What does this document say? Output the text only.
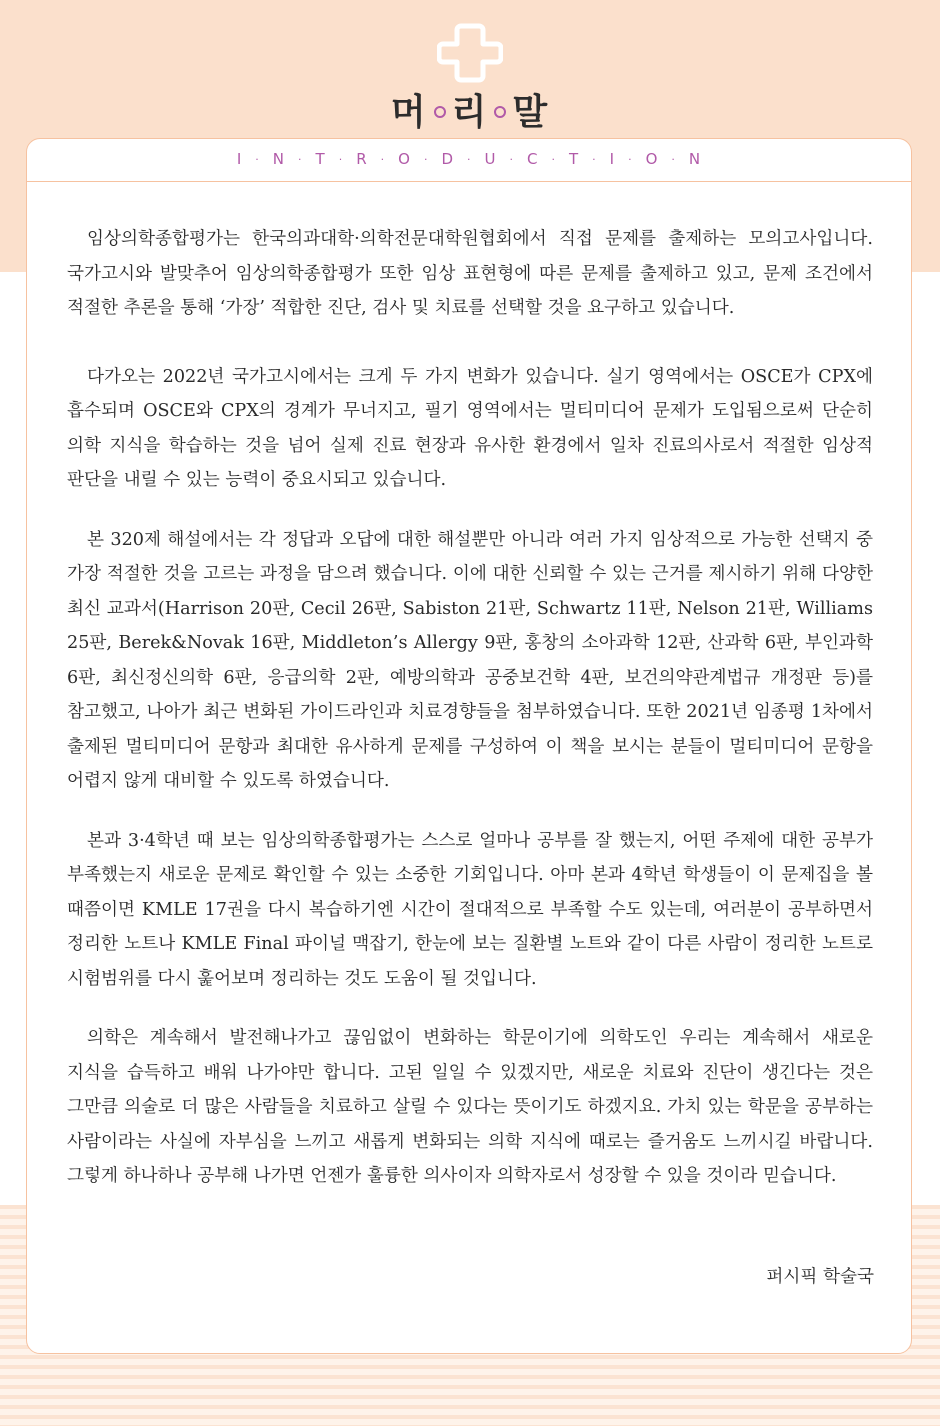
머 리 말
I · N · T · R · O · D · U · C · T · I · O · N

임상의학종합평가는 한국의과대학·의학전문대학원협회에서 직접 문제를 출제하는 모의고사입니다. 국가고시와 발맞추어 임상의학종합평가 또한 임상 표현형에 따른 문제를 출제하고 있고, 문제 조건에서 적절한 추론을 통해 ‘가장’ 적합한 진단, 검사 및 치료를 선택할 것을 요구하고 있습니다.

다가오는 2022년 국가고시에서는 크게 두 가지 변화가 있습니다. 실기 영역에서는 OSCE가 CPX에 흡수되며 OSCE와 CPX의 경계가 무너지고, 필기 영역에서는 멀티미디어 문제가 도입됨으로써 단순히 의학 지식을 학습하는 것을 넘어 실제 진료 현장과 유사한 환경에서 일차 진료의사로서 적절한 임상적 판단을 내릴 수 있는 능력이 중요시되고 있습니다.

본 320제 해설에서는 각 정답과 오답에 대한 해설뿐만 아니라 여러 가지 임상적으로 가능한 선택지 중 가장 적절한 것을 고르는 과정을 담으려 했습니다. 이에 대한 신뢰할 수 있는 근거를 제시하기 위해 다양한 최신 교과서(Harrison 20판, Cecil 26판, Sabiston 21판, Schwartz 11판, Nelson 21판, Williams 25판, Berek&Novak 16판, Middleton’s Allergy 9판, 홍창의 소아과학 12판, 산과학 6판, 부인과학 6판, 최신정신의학 6판, 응급의학 2판, 예방의학과 공중보건학 4판, 보건의약관계법규 개정판 등)를 참고했고, 나아가 최근 변화된 가이드라인과 치료경향들을 첨부하였습니다. 또한 2021년 임종평 1차에서 출제된 멀티미디어 문항과 최대한 유사하게 문제를 구성하여 이 책을 보시는 분들이 멀티미디어 문항을 어렵지 않게 대비할 수 있도록 하였습니다.

본과 3·4학년 때 보는 임상의학종합평가는 스스로 얼마나 공부를 잘 했는지, 어떤 주제에 대한 공부가 부족했는지 새로운 문제로 확인할 수 있는 소중한 기회입니다. 아마 본과 4학년 학생들이 이 문제집을 볼 때쯤이면 KMLE 17권을 다시 복습하기엔 시간이 절대적으로 부족할 수도 있는데, 여러분이 공부하면서 정리한 노트나 KMLE Final 파이널 맥잡기, 한눈에 보는 질환별 노트와 같이 다른 사람이 정리한 노트로 시험범위를 다시 훑어보며 정리하는 것도 도움이 될 것입니다.

의학은 계속해서 발전해나가고 끊임없이 변화하는 학문이기에 의학도인 우리는 계속해서 새로운 지식을 습득하고 배워 나가야만 합니다. 고된 일일 수 있겠지만, 새로운 치료와 진단이 생긴다는 것은 그만큼 의술로 더 많은 사람들을 치료하고 살릴 수 있다는 뜻이기도 하겠지요. 가치 있는 학문을 공부하는 사람이라는 사실에 자부심을 느끼고 새롭게 변화되는 의학 지식에 때로는 즐거움도 느끼시길 바랍니다. 그렇게 하나하나 공부해 나가면 언젠가 훌륭한 의사이자 의학자로서 성장할 수 있을 것이라 믿습니다.

퍼시픽 학술국
